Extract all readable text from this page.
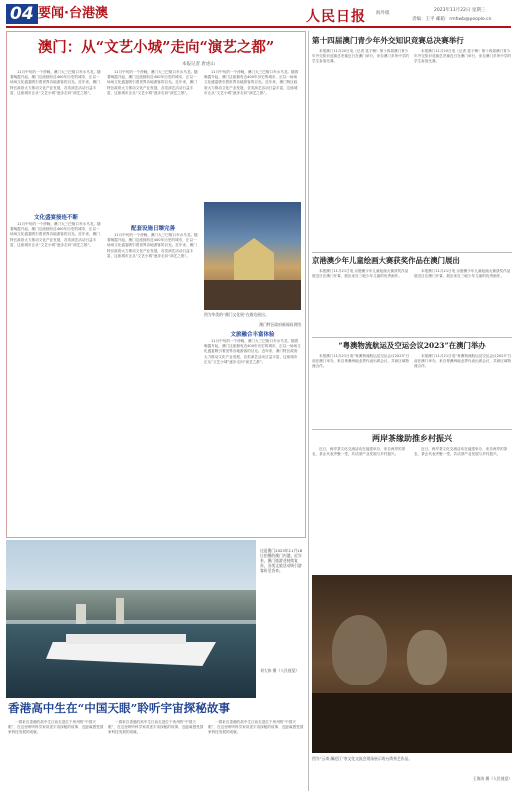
04 要闻·台港澳	人民日报 海外版
2023年11月22日 星期三
责编：王平 邮箱：rmhwb@people.cn
澳门：从“文艺小城”走向“演艺之都”
本报记者 唐虎山

11月中旬的一个傍晚，澳门大三巴街口车水马龙。随着晚霞升起，澳门这座拥有近400年历史的城市，正以一场场文化盛宴吸引着世界各地游客的目光。近年来，澳门特区政府大力推动文化产业发展，各类演艺活动日益丰富，这座城市正从“文艺小城”逐步走向“演艺之都”。

文化盛宴接连不断

11月中旬的一个傍晚，澳门大三巴街口车水马龙。随着晚霞升起，澳门这座拥有近400年历史的城市，正以一场场文化盛宴吸引着世界各地游客的目光。近年来，澳门特区政府大力推动文化产业发展，各类演艺活动日益丰富，这座城市正从“文艺小城”逐步走向“演艺之都”。

11月中旬的一个傍晚，澳门大三巴街口车水马龙。随着晚霞升起，澳门这座拥有近400年历史的城市，正以一场场文化盛宴吸引着世界各地游客的目光。近年来，澳门特区政府大力推动文化产业发展，各类演艺活动日益丰富，这座城市正从“文艺小城”逐步走向“演艺之都”。

配套设施日臻完善

11月中旬的一个傍晚，澳门大三巴街口车水马龙。随着晚霞升起，澳门这座拥有近400年历史的城市，正以一场场文化盛宴吸引着世界各地游客的目光。近年来，澳门特区政府大力推动文化产业发展，各类演艺活动日益丰富，这座城市正从“文艺小城”逐步走向“演艺之都”。

11月中旬的一个傍晚，澳门大三巴街口车水马龙。随着晚霞升起，澳门这座拥有近400年历史的城市，正以一场场文化盛宴吸引着世界各地游客的目光。近年来，澳门特区政府大力推动文化产业发展，各类演艺活动日益丰富，这座城市正从“文艺小城”逐步走向“演艺之都”。

图为华美的“澳门文化展”在路边展出。
澳门特区政府新闻局供图
文旅融合丰富体验

11月中旬的一个傍晚，澳门大三巴街口车水马龙。随着晚霞升起，澳门这座拥有近400年历史的城市，正以一场场文化盛宴吸引着世界各地游客的目光。近年来，澳门特区政府大力推动文化产业发展，各类演艺活动日益丰富，这座城市正从“文艺小城”逐步走向“演艺之都”。

第十四届澳门青少年外交知识竞赛总决赛举行

本报澳门11月20日电（记者 富子梅）第十四届澳门青少年外交知识竞赛总决赛近日在澳门举行，来自澳门多所中学的学生参加比赛。

本报澳门11月20日电（记者 富子梅）第十四届澳门青少年外交知识竞赛总决赛近日在澳门举行，来自澳门多所中学的学生参加比赛。

京港澳少年儿童绘画大赛获奖作品在澳门展出

本报澳门11月21日电 京港澳少年儿童绘画大赛获奖作品展近日在澳门开幕，展出来自三地少年儿童的优秀画作。

本报澳门11月21日电 京港澳少年儿童绘画大赛获奖作品展近日在澳门开幕，展出来自三地少年儿童的优秀画作。

“粤澳物流航运及空运会议2023”在澳门举办

本报澳门11月21日电“粤澳物流航运及空运会议2023”日前在澳门举办，来自粤澳两地业界代表出席会议，共商区域物流合作。

本报澳门11月21日电“粤澳物流航运及空运会议2023”日前在澳门举办，来自粤澳两地业界代表出席会议，共商区域物流合作。

两岸茶缘助推乡村振兴

近日，两岸茶文化交流活动在福建举办，来自两岸的茶农、茶企代表齐聚一堂，共话茶产业发展与乡村振兴。

近日，两岸茶文化交流活动在福建举办，来自两岸的茶农、茶企代表齐聚一堂，共话茶产业发展与乡村振兴。

图为“云南·澜沧江”茶文化交流会现场展示的台湾茶艺作品。
王海涛 摄（人民视觉）
这是澳门2023年11月18日拍摄的澳门内港。近年来，澳门旅游业持续复苏，各类文旅活动吸引游客纷至沓来。
刘大伟 摄（人民视觉）
香港高中生在“中国天眼”聆听宇宙探秘故事

一群来自香港的高中生日前走进位于贵州的“中国天眼”，在这里聆听科学家讲述宇宙探秘的故事，近距离感受国家科技发展的成就。

一群来自香港的高中生日前走进位于贵州的“中国天眼”，在这里聆听科学家讲述宇宙探秘的故事，近距离感受国家科技发展的成就。

一群来自香港的高中生日前走进位于贵州的“中国天眼”，在这里聆听科学家讲述宇宙探秘的故事，近距离感受国家科技发展的成就。
